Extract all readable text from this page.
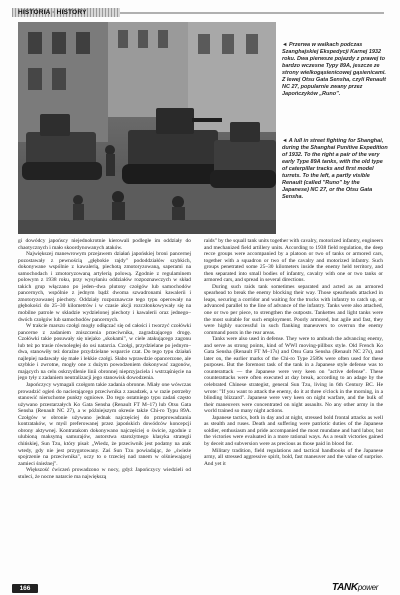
HISTORIA · HISTORY
◄ Przerwa w walkach podczas Szanghajskiej Ekspedycji Karnej 1932 roku. Dwa pierwsze pojazdy z prawej to bardzo wczesne Typy 89A, jeszcze ze strony wielkogąsienicowej gąsienicami. Z lewej Otsu Gata Sensha, czyli Renault NC 27, popularnie zwany przez Japończyków „Runo".
◄ A lull in street fighting for Shanghai, during the Shanghai Punitive Expedition of 1932. To the right a pair of the very early Type 89A tanks, with the old type of caterpillar tracks and first model turrets. To the left, a partly visible Renault (called "Runo" by the Japanese) NC 27, or the Otsu Gata Sensha.

gi dowódcy japońscy niejednokrotnie kierowali podległe im oddziały do chaotycznych i mało skoordynowanych ataków.

Największej manewrowym przejawem działań japońskiej broni pancernej pozostawały z pewnością „głębokie rajdy" pododdziałów szybkich, dokonywane wspólnie z kawalerią, piechotą zmotoryzowaną, saperami na samochodach i zmotoryzowaną artylerią polową. Zgodnie z regulaminem polowym z 1938 roku, przy wysyłaniu oddziałów rozpoznawczych w skład takich grup włączano po jeden–dwa plutony czołgów lub samochodów pancernych, wspólnie z jednym bądź dwoma szwadronami kawalerii i zmotoryzowanej piechoty. Oddziały rozpoznawcze tego typu operowały na głębokości do 25–30 kilometrów i w czasie akcji rozczłonkowywały się na mobilne patrole w składzie wydzielonej piechoty i kawalerii oraz jednego–dwóch czołgów lub samochodów pancernych.

W trakcie marszu czołgi mogły odłączać się od całości i tworzyć czołówki pancerne z zadaniem zniszczenia przeciwnika, zagradzającego drogę. Czołówki takie posuwały się niejako „skokami", w ciele atakującego zagonu lub też po trasie równoległej do osi natarcia. Czołgi, przydzielane po jednym–dwa, stanowiły też doraźne przydzielane wsparcie czat. Do tego typu działań najlepiej nadawały się małe i lekkie czołgi. Słabo wprawdzie opancerzone, ale szybkie i zwrotne, mogły one z dużym powodzeniem dokonywać zagonów, mających na celu oskrzydlenie linii obronnej nieprzyjaciela i wstrząśnięcie na jego tyły z zadaniem neutralizacji jego stanowisk dowodzenia.

Japończycy wymagali czołgom takie zadania obronne. Miały one wówczas prowadzić ogień do nacierającego przeciwnika z zasadzek, a w razie potrzeby stanowić nieruchome punkty ogniowe. Do tego ostatniego typu zadań często używano przestarzałych Ko Gata Sensha (Renault FT M–17) lub Otsu Gata Sensha (Renault NC 27), a w późniejszym okresie także Chi-ro Typu 89A. Czołgów w obronie używano jednak najczęściej do przeprowadzania kontrataków, w myśl preferowanej przez japońskich dowódców koncepcji obrony aktywnej. Kontratakom dokonywano najczęściej o świcie, zgodnie z ulubioną maksymą samurajów, autorstwa starożytnego klasyka strategii chińskiej, Sun Tzu, który pisał: „Wiedz, że przeciwnik jest podatny na atak wtedy, gdy nie jest przygotowany. Zaś Sun Tzu powiadając, że „świeże spojrzenie na przeciwnika", uczy to o trzeciej nad ranem w olśniewającej zamieci śnieżnej".

Większość ćwiczeń prowadzono w nocy, gdyż Japończycy wiedzieli od stuleci, że nocne natarcie ma największą

raids" by the squall tank units together with cavalry, motorized infantry, engineers and mechanized field artillery units. According to 1938 field regulation, the deep recce groups were accompanied by a platoon or two of tanks or armored cars, together with a squadron or two of the cavalry and motorized infantry. Such groups penetrated some 25–30 kilometers inside the enemy held territory, and then separated into small bodies of infantry, cavalry with one or two tanks or armored cars, and spread in several directions.

During such raids tank sometimes separated and acted as an armored spearhead to break the enemy blocking their way. Those spearheads attacked in leaps, securing a corridor and waiting for the trucks with infantry to catch up, or advanced parallel to the line of advance of the infantry. Tanks were also attached, one or two per piece, to strengthen the outposts. Tankettes and light tanks were the most suitable for such employment. Poorly armored, but agile and fast, they were highly successful in such flanking maneuvers to overrun the enemy command posts in the rear areas.

Tanks were also used in defense. They were to ambush the advancing enemy, and serve as strong points, kind of WWI moving-pillbox style. Old French Ko Gata Sensha (Renault FT M–17s) and Otsu Gata Sensha (Renault NC 27s), and later on, the earlier marks of the Chi-ro Type 2589s were often used for these purposes. But the foremost task of the tank in a Japanese style defense was to counterattack — the Japanese were very keen on "active defense". These counterattacks were often executed at day break, according to an adage by the celebrated Chinese strategist, general Sun Tzu, living in 6th Century BC. He wrote: "If you want to attack the enemy, do it at three o'clock in the morning, in a blinding blizzard". Japanese were very keen on night warfare, and the bulk of their maneuvers were concentrated on night assaults. No any other army in the world trained so many night actions.

Japanese tactics, both in day and at night, stressed bold frontal attacks as well as stealth and ruses. Death and suffering were patriotic duties of the Japanese soldier, enthusiasm and pride accompanied the most mundane and hard labor, but the victories were evaluated in a more rational ways. As a result victories gained by deceit and subversion were as precious as those paid in blood for.

Military tradition, field regulations and tactical handbooks of the Japanese army, all stressed aggressive spirit, bold, fast maneuver and the value of surprise. And yet it

166	TANKpower
